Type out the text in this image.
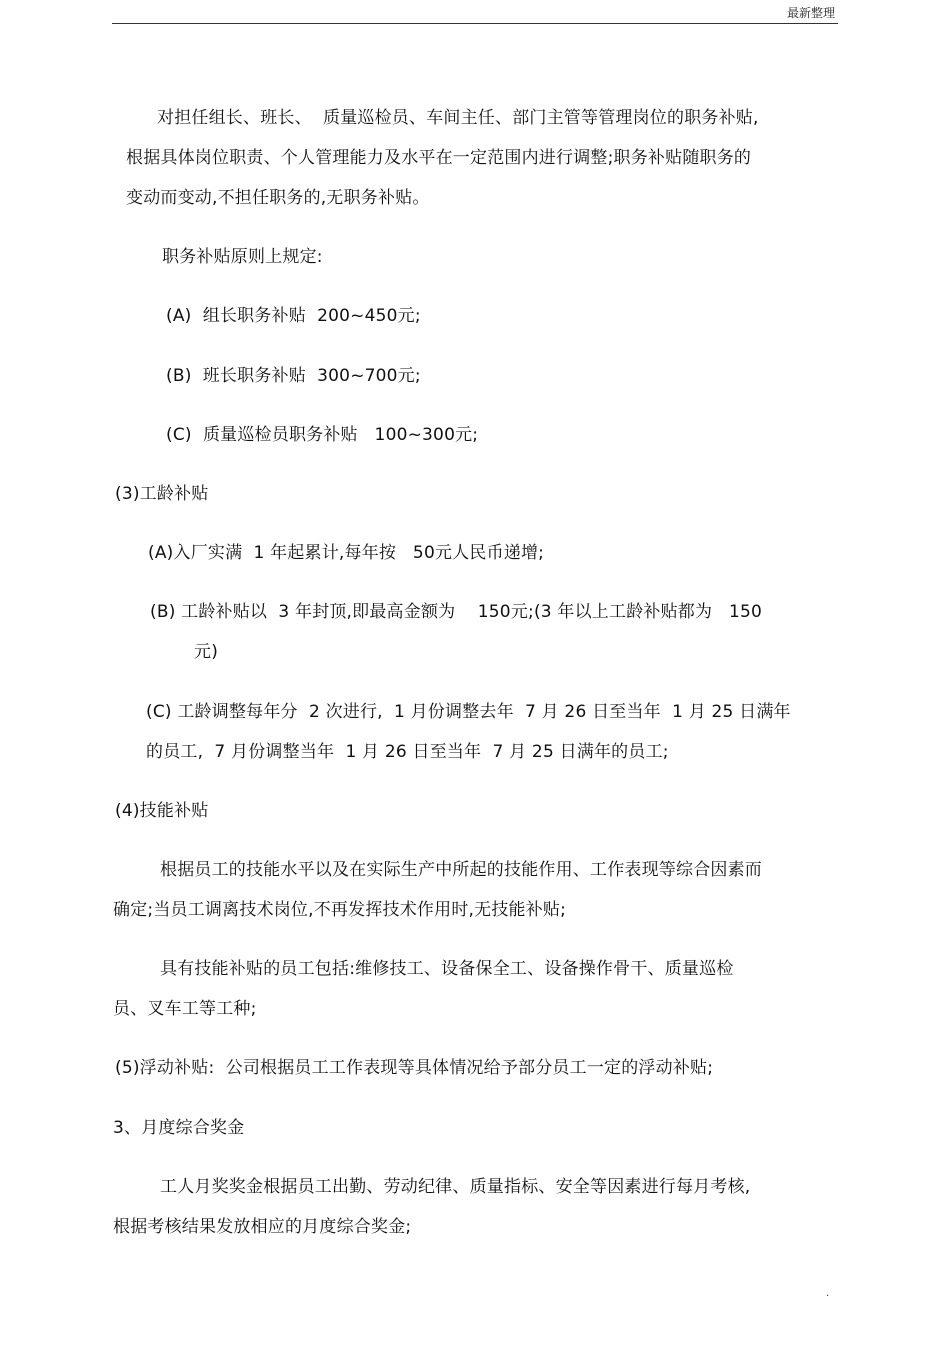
最新整理
对担任组长、班长、  质量巡检员、车间主任、部门主管等管理岗位的职务补贴,
根据具体岗位职责、个人管理能力及水平在一定范围内进行调整;职务补贴随职务的
变动而变动,不担任职务的,无职务补贴。
职务补贴原则上规定:
(A)  组长职务补贴  200~450元;
(B)  班长职务补贴  300~700元;
(C)  质量巡检员职务补贴   100~300元;
(3)工龄补贴
(A)入厂实满  1 年起累计,每年按   50元人民币递增;
(B) 工龄补贴以  3 年封顶,即最高金额为    150元;(3 年以上工龄补贴都为   150
元)
(C) 工龄调整每年分  2 次进行,  1 月份调整去年  7 月 26 日至当年  1 月 25 日满年
的员工,  7 月份调整当年  1 月 26 日至当年  7 月 25 日满年的员工;
(4)技能补贴
根据员工的技能水平以及在实际生产中所起的技能作用、工作表现等综合因素而
确定;当员工调离技术岗位,不再发挥技术作用时,无技能补贴;
具有技能补贴的员工包括:维修技工、设备保全工、设备操作骨干、质量巡检
员、叉车工等工种;
(5)浮动补贴:  公司根据员工工作表现等具体情况给予部分员工一定的浮动补贴;
3、月度综合奖金
工人月奖奖金根据员工出勤、劳动纪律、质量指标、安全等因素进行每月考核,
根据考核结果发放相应的月度综合奖金;
.
